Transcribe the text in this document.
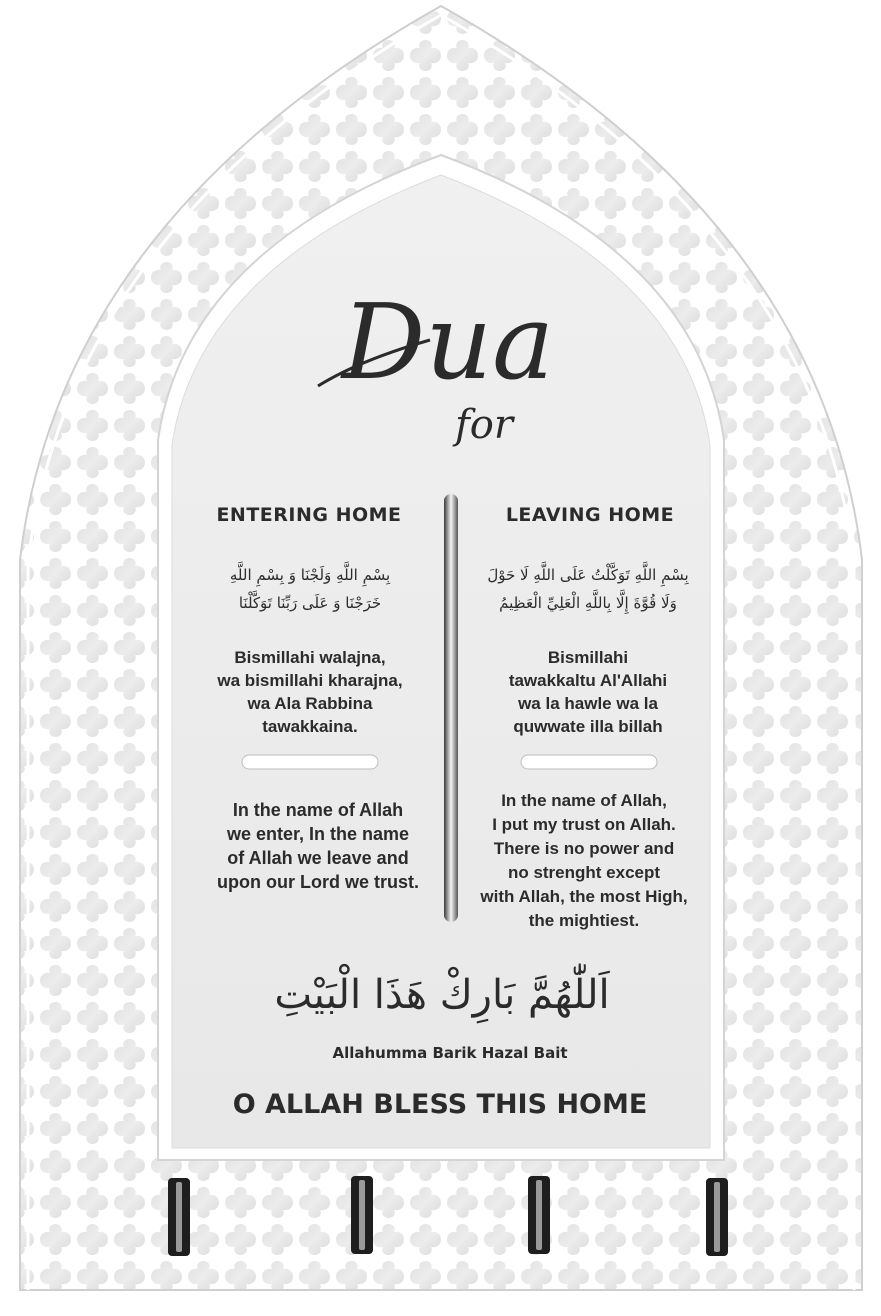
Dua
for
ENTERING HOME	LEAVING HOME
بِسْمِ اللَّهِ وَلَجْنَا وَ بِسْمِ اللَّهِ
خَرَجْنَا وَ عَلَى رَبِّنَا تَوَكَّلْنَا
بِسْمِ اللَّهِ تَوَكَّلْتُ عَلَى اللَّهِ لَا حَوْلَ
وَلَا قُوَّةَ إِلَّا بِاللَّهِ الْعَلِيِّ الْعَظِيمُ
Bismillahi walajna,
wa bismillahi kharajna,
wa Ala Rabbina
tawakkaina.
Bismillahi
tawakkaltu Al'Allahi
wa la hawle wa la
quwwate illa billah
In the name of Allah
we enter, In the name
of Allah we leave and
upon our Lord we trust.
In the name of Allah,
I put my trust on Allah.
There is no power and
no strenght except
with Allah, the most High,
the mightiest.
اَللّٰهُمَّ بَارِكْ هَذَا الْبَيْتِ
Allahumma Barik Hazal Bait
O ALLAH BLESS THIS HOME
